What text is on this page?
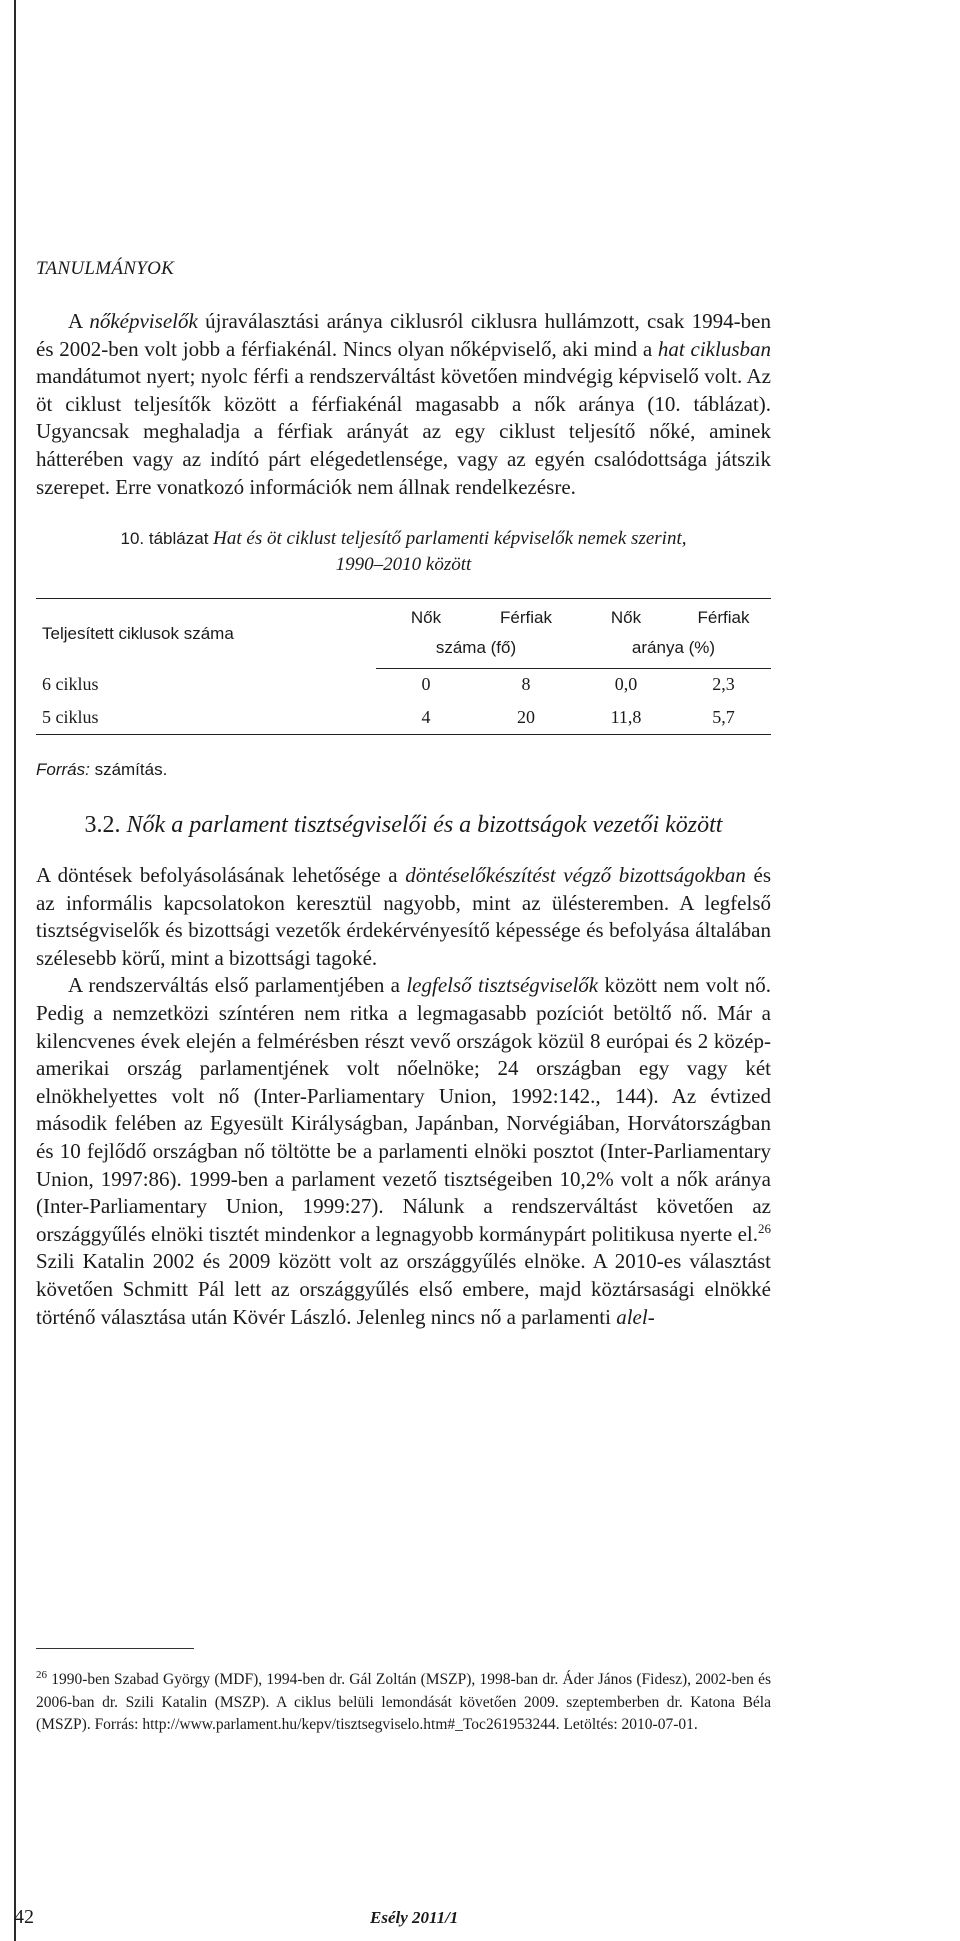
TANULMÁNYOK

A nőképviselők újraválasztási aránya ciklusról ciklusra hullámzott, csak 1994-ben és 2002-ben volt jobb a férfiakénál. Nincs olyan nőképviselő, aki mind a hat ciklusban mandátumot nyert; nyolc férfi a rendszerváltást követően mindvégig képviselő volt. Az öt ciklust teljesítők között a férfiakénál magasabb a nők aránya (10. táblázat). Ugyancsak meghaladja a férfiak arányát az egy ciklust teljesítő nőké, aminek hátterében vagy az indító párt elégedetlensége, vagy az egyén csalódottsága játszik szerepet. Erre vonatkozó információk nem állnak rendelkezésre.

10. táblázat Hat és öt ciklust teljesítő parlamenti képviselők nemek szerint,
1990–2010 között
Teljesített ciklusok száma	Nők	Férfiak	Nők	Férfiak
	száma (fő)		aránya (%)	
6 ciklus	0	8	0,0	2,3
5 ciklus	4	20	11,8	5,7
Forrás: számítás.
3.2. Nők a parlament tisztségviselői és a bizottságok vezetői között

A döntések befolyásolásának lehetősége a döntéselőkészítést végző bizottságokban és az informális kapcsolatokon keresztül nagyobb, mint az ülésteremben. A legfelső tisztségviselők és bizottsági vezetők érdekérvényesítő képessége és befolyása általában szélesebb körű, mint a bizottsági tagoké.

A rendszerváltás első parlamentjében a legfelső tisztségviselők között nem volt nő. Pedig a nemzetközi színtéren nem ritka a legmagasabb pozíciót betöltő nő. Már a kilencvenes évek elején a felmérésben részt vevő országok közül 8 európai és 2 közép-amerikai ország parlamentjének volt nőelnöke; 24 országban egy vagy két elnökhelyettes volt nő (Inter-Parliamentary Union, 1992:142., 144). Az évtized második felében az Egyesült Királyságban, Japánban, Norvégiában, Horvátországban és 10 fejlődő országban nő töltötte be a parlamenti elnöki posztot (Inter-Parliamentary Union, 1997:86). 1999-ben a parlament vezető tisztségeiben 10,2% volt a nők aránya (Inter-Parliamentary Union, 1999:27). Nálunk a rendszerváltást követően az országgyűlés elnöki tisztét mindenkor a legnagyobb kormánypárt politikusa nyerte el.$^{26}$ Szili Katalin 2002 és 2009 között volt az országgyűlés elnöke. A 2010-es választást követően Schmitt Pál lett az országgyűlés első embere, majd köztársasági elnökké történő választása után Kövér László. Jelenleg nincs nő a parlamenti alel-

$^{26}$ 1990-ben Szabad György (MDF), 1994-ben dr. Gál Zoltán (MSZP), 1998-ban dr. Áder János (Fidesz), 2002-ben és 2006-ban dr. Szili Katalin (MSZP). A ciklus belüli lemondását követően 2009. szeptemberben dr. Katona Béla (MSZP). Forrás: http://www.parlament.hu/kepv/tisztsegviselo.htm#_Toc261953244. Letöltés: 2010-07-01.
42	Esély 2011/1
